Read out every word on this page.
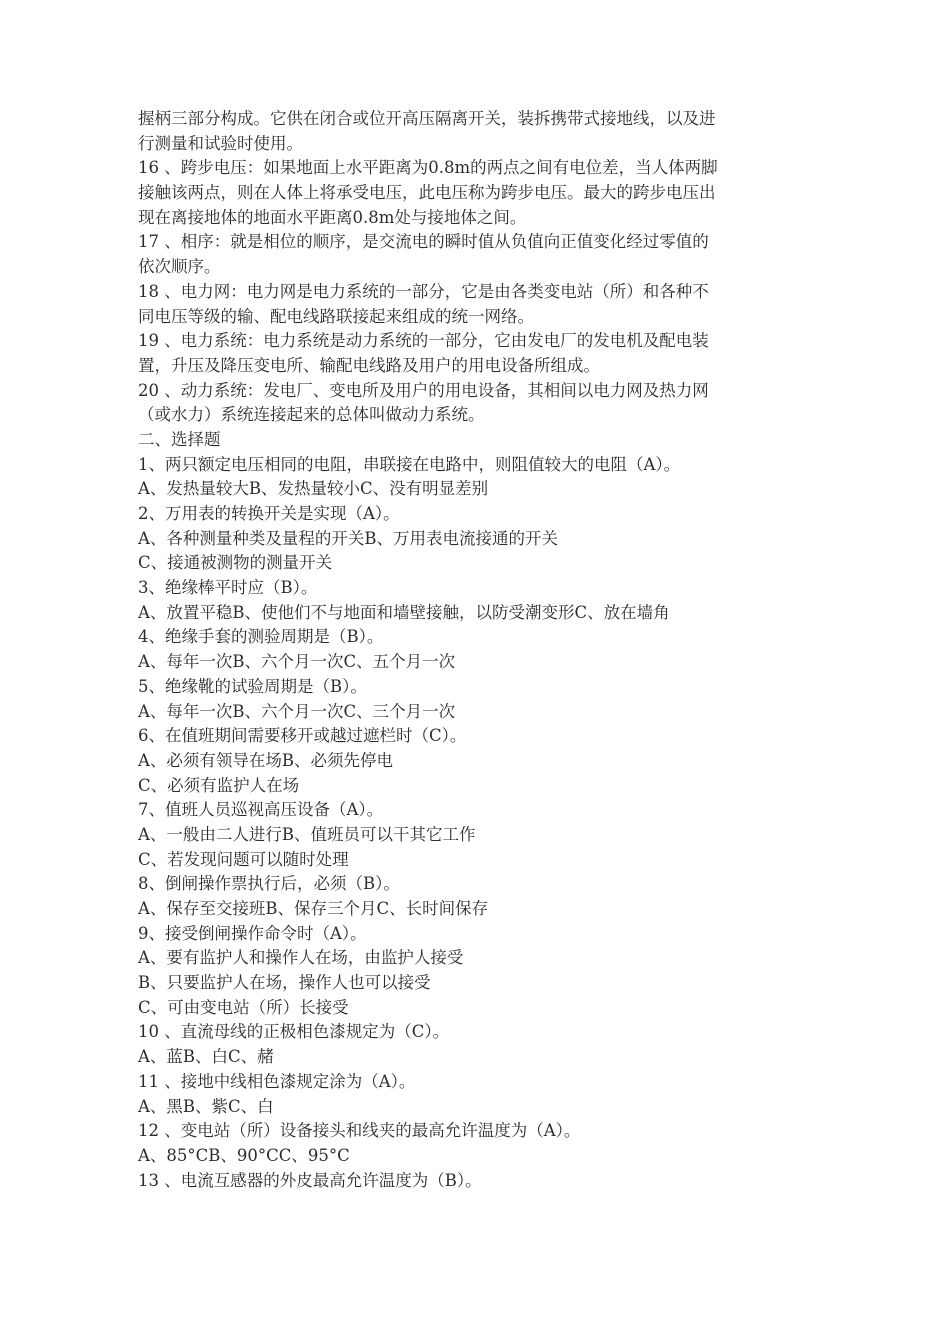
握柄三部分构成。它供在闭合或位开高压隔离开关，装拆携带式接地线，以及进
行测量和试验时使用。
16 、跨步电压：如果地面上水平距离为0.8m的两点之间有电位差，当人体两脚
接触该两点，则在人体上将承受电压，此电压称为跨步电压。最大的跨步电压出
现在离接地体的地面水平距离0.8m处与接地体之间。
17 、相序：就是相位的顺序，是交流电的瞬时值从负值向正值变化经过零值的
依次顺序。
18 、电力网：电力网是电力系统的一部分，它是由各类变电站（所）和各种不
同电压等级的输、配电线路联接起来组成的统一网络。
19 、电力系统：电力系统是动力系统的一部分，它由发电厂的发电机及配电装
置，升压及降压变电所、输配电线路及用户的用电设备所组成。
20 、动力系统：发电厂、变电所及用户的用电设备，其相间以电力网及热力网
（或水力）系统连接起来的总体叫做动力系统。
二、选择题
1、两只额定电压相同的电阻，串联接在电路中，则阻值较大的电阻（A）。
A、发热量较大B、发热量较小C、没有明显差别
2、万用表的转换开关是实现（A）。
A、各种测量种类及量程的开关B、万用表电流接通的开关
C、接通被测物的测量开关
3、绝缘棒平时应（B）。
A、放置平稳B、使他们不与地面和墙壁接触，以防受潮变形C、放在墙角
4、绝缘手套的测验周期是（B）。
A、每年一次B、六个月一次C、五个月一次
5、绝缘靴的试验周期是（B）。
A、每年一次B、六个月一次C、三个月一次
6、在值班期间需要移开或越过遮栏时（C）。
A、必须有领导在场B、必须先停电
C、必须有监护人在场
7、值班人员巡视高压设备（A）。
A、一般由二人进行B、值班员可以干其它工作
C、若发现问题可以随时处理
8、倒闸操作票执行后，必须（B）。
A、保存至交接班B、保存三个月C、长时间保存
9、接受倒闸操作命令时（A）。
A、要有监护人和操作人在场，由监护人接受
B、只要监护人在场，操作人也可以接受
C、可由变电站（所）长接受
10 、直流母线的正极相色漆规定为（C）。
A、蓝B、白C、赭
11 、接地中线相色漆规定涂为（A）。
A、黑B、紫C、白
12 、变电站（所）设备接头和线夹的最高允许温度为（A）。
A、85°CB、90°CC、95°C
13 、电流互感器的外皮最高允许温度为（B）。
